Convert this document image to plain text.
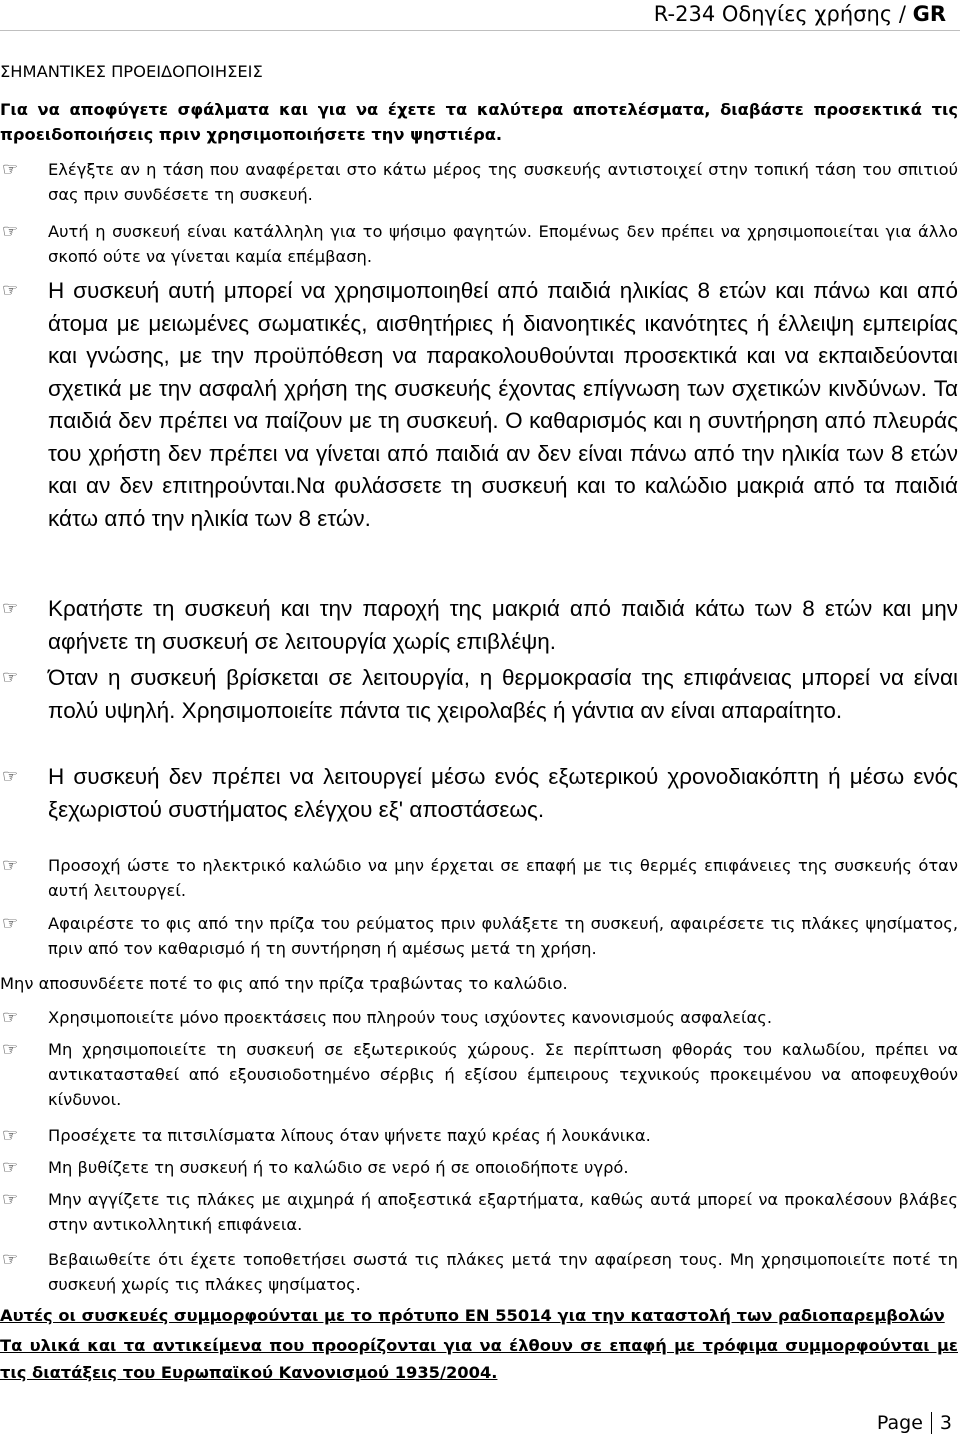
R-234 Οδηγίες χρήσης / GR
ΣΗΜΑΝΤΙΚΕΣ ΠΡΟΕΙΔΟΠΟΙΗΣΕΙΣ
Για να αποφύγετε σφάλματα και για να έχετε τα καλύτερα αποτελέσματα, διαβάστε προσεκτικά τις προειδοποιήσεις πριν χρησιμοποιήσετε την ψηστιέρα.
☞	Ελέγξτε αν η τάση που αναφέρεται στο κάτω μέρος της συσκευής αντιστοιχεί στην τοπική τάση του σπιτιού σας πριν συνδέσετε τη συσκευή.
☞	Αυτή η συσκευή είναι κατάλληλη για το ψήσιμο φαγητών. Επομένως δεν πρέπει να χρησιμοποιείται για άλλο σκοπό ούτε να γίνεται καμία επέμβαση.
☞	Η συσκευή αυτή μπορεί να χρησιμοποιηθεί από παιδιά ηλικίας 8 ετών και πάνω και από άτομα με μειωμένες σωματικές, αισθητήριες ή διανοητικές ικανότητες ή έλλειψη εμπειρίας και γνώσης, με την προϋπόθεση να παρακολουθούνται προσεκτικά και να εκπαιδεύονται σχετικά με την ασφαλή χρήση της συσκευής έχοντας επίγνωση των σχετικών κινδύνων. Τα παιδιά δεν πρέπει να παίζουν με τη συσκευή. Ο καθαρισμός και η συντήρηση από πλευράς του χρήστη δεν πρέπει να γίνεται από παιδιά αν δεν είναι πάνω από την ηλικία των 8 ετών και αν δεν επιτηρούνται.Να φυλάσσετε τη συσκευή και το καλώδιο μακριά από τα παιδιά κάτω από την ηλικία των 8 ετών.
☞	Κρατήστε τη συσκευή και την παροχή της μακριά από παιδιά κάτω των 8 ετών και μην αφήνετε τη συσκευή σε λειτουργία χωρίς επιβλέψη.
☞	Όταν η συσκευή βρίσκεται σε λειτουργία, η θερμοκρασία της επιφάνειας μπορεί να είναι πολύ υψηλή. Χρησιμοποιείτε πάντα τις χειρολαβές ή γάντια αν είναι απαραίτητο.
☞	Η συσκευή δεν πρέπει να λειτουργεί μέσω ενός εξωτερικού χρονοδιακόπτη ή μέσω ενός ξεχωριστού συστήματος ελέγχου εξ' αποστάσεως.
☞	Προσοχή ώστε το ηλεκτρικό καλώδιο να μην έρχεται σε επαφή με τις θερμές επιφάνειες της συσκευής όταν αυτή λειτουργεί.
☞	Αφαιρέστε το φις από την πρίζα του ρεύματος πριν φυλάξετε τη συσκευή, αφαιρέσετε τις πλάκες ψησίματος, πριν από τον καθαρισμό ή τη συντήρηση ή αμέσως μετά τη χρήση.
Μην αποσυνδέετε ποτέ το φις από την πρίζα τραβώντας το καλώδιο.
☞	Χρησιμοποιείτε μόνο προεκτάσεις που πληρούν τους ισχύοντες κανονισμούς ασφαλείας.
☞	Μη χρησιμοποιείτε τη συσκευή σε εξωτερικούς χώρους. Σε περίπτωση φθοράς του καλωδίου, πρέπει να αντικατασταθεί από εξουσιοδοτημένο σέρβις ή εξίσου έμπειρους τεχνικούς προκειμένου να αποφευχθούν κίνδυνοι.
☞	Προσέχετε τα πιτσιλίσματα λίπους όταν ψήνετε παχύ κρέας ή λουκάνικα.
☞	Μη βυθίζετε τη συσκευή ή το καλώδιο σε νερό ή σε οποιοδήποτε υγρό.
☞	Μην αγγίζετε τις πλάκες με αιχμηρά ή αποξεστικά εξαρτήματα, καθώς αυτά μπορεί να προκαλέσουν βλάβες στην αντικολλητική επιφάνεια.
☞	Βεβαιωθείτε ότι έχετε τοποθετήσει σωστά τις πλάκες μετά την αφαίρεση τους. Μη χρησιμοποιείτε ποτέ τη συσκευή χωρίς τις πλάκες ψησίματος.
Αυτές οι συσκευές συμμορφούνται με το πρότυπο EN 55014 για την καταστολή των ραδιοπαρεμβολών
Τα υλικά και τα αντικείμενα που προορίζονται για να έλθουν σε επαφή με τρόφιμα συμμορφούνται με τις διατάξεις του Ευρωπαϊκού Κανονισμού 1935/2004.
Page 3
